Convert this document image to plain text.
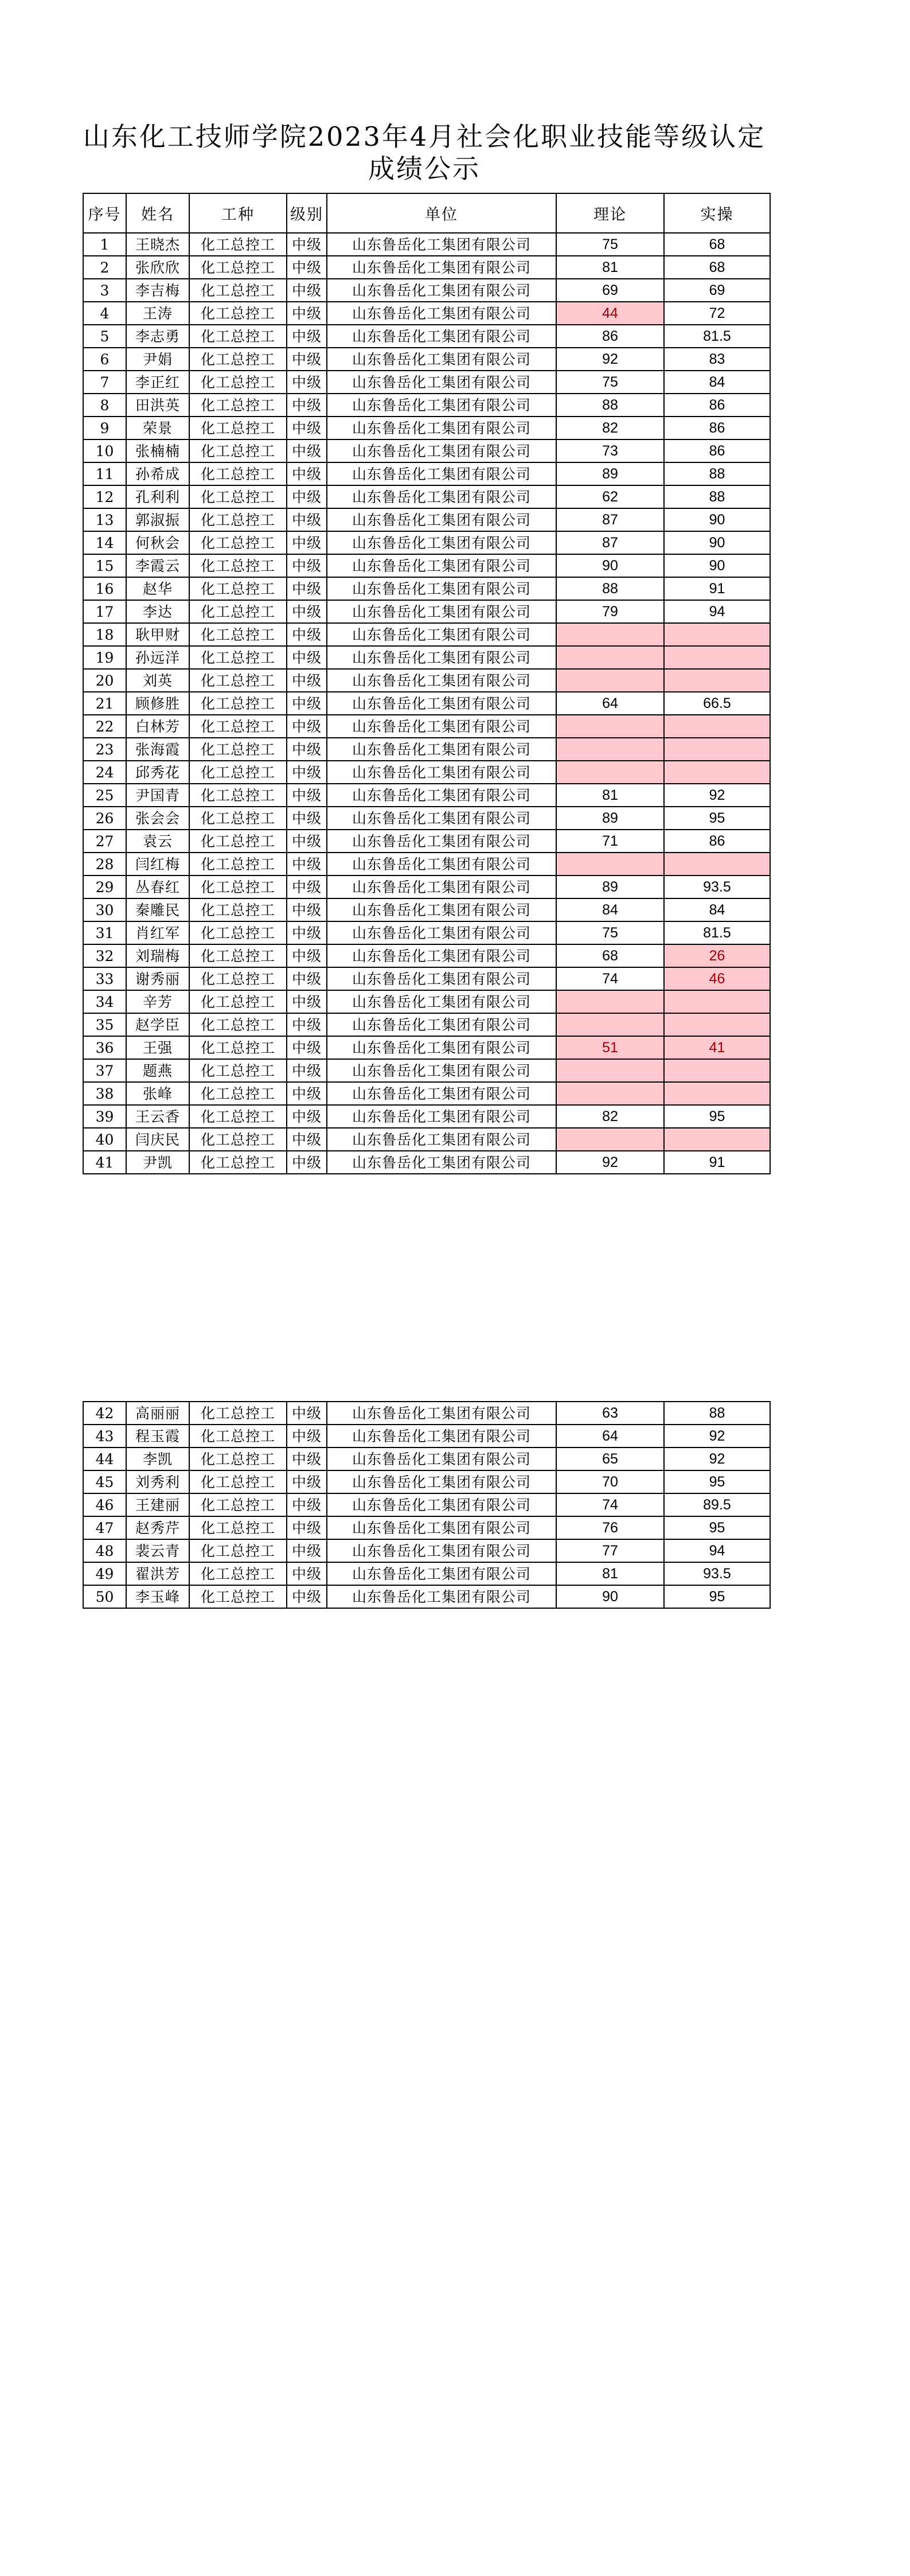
山东化工技师学院2023年4月社会化职业技能等级认定
成绩公示
序号	姓名	工种	级别	单位	理论	实操
1	王晓杰	化工总控工	中级	山东鲁岳化工集团有限公司	75	68
2	张欣欣	化工总控工	中级	山东鲁岳化工集团有限公司	81	68
3	李吉梅	化工总控工	中级	山东鲁岳化工集团有限公司	69	69
4	王涛	化工总控工	中级	山东鲁岳化工集团有限公司	44	72
5	李志勇	化工总控工	中级	山东鲁岳化工集团有限公司	86	81.5
6	尹娟	化工总控工	中级	山东鲁岳化工集团有限公司	92	83
7	李正红	化工总控工	中级	山东鲁岳化工集团有限公司	75	84
8	田洪英	化工总控工	中级	山东鲁岳化工集团有限公司	88	86
9	荣景	化工总控工	中级	山东鲁岳化工集团有限公司	82	86
10	张楠楠	化工总控工	中级	山东鲁岳化工集团有限公司	73	86
11	孙希成	化工总控工	中级	山东鲁岳化工集团有限公司	89	88
12	孔利利	化工总控工	中级	山东鲁岳化工集团有限公司	62	88
13	郭淑振	化工总控工	中级	山东鲁岳化工集团有限公司	87	90
14	何秋会	化工总控工	中级	山东鲁岳化工集团有限公司	87	90
15	李霞云	化工总控工	中级	山东鲁岳化工集团有限公司	90	90
16	赵华	化工总控工	中级	山东鲁岳化工集团有限公司	88	91
17	李达	化工总控工	中级	山东鲁岳化工集团有限公司	79	94
18	耿甲财	化工总控工	中级	山东鲁岳化工集团有限公司		
19	孙远洋	化工总控工	中级	山东鲁岳化工集团有限公司		
20	刘英	化工总控工	中级	山东鲁岳化工集团有限公司		
21	顾修胜	化工总控工	中级	山东鲁岳化工集团有限公司	64	66.5
22	白林芳	化工总控工	中级	山东鲁岳化工集团有限公司		
23	张海霞	化工总控工	中级	山东鲁岳化工集团有限公司		
24	邱秀花	化工总控工	中级	山东鲁岳化工集团有限公司		
25	尹国青	化工总控工	中级	山东鲁岳化工集团有限公司	81	92
26	张会会	化工总控工	中级	山东鲁岳化工集团有限公司	89	95
27	袁云	化工总控工	中级	山东鲁岳化工集团有限公司	71	86
28	闫红梅	化工总控工	中级	山东鲁岳化工集团有限公司		
29	丛春红	化工总控工	中级	山东鲁岳化工集团有限公司	89	93.5
30	秦雕民	化工总控工	中级	山东鲁岳化工集团有限公司	84	84
31	肖红军	化工总控工	中级	山东鲁岳化工集团有限公司	75	81.5
32	刘瑞梅	化工总控工	中级	山东鲁岳化工集团有限公司	68	26
33	谢秀丽	化工总控工	中级	山东鲁岳化工集团有限公司	74	46
34	辛芳	化工总控工	中级	山东鲁岳化工集团有限公司		
35	赵学臣	化工总控工	中级	山东鲁岳化工集团有限公司		
36	王强	化工总控工	中级	山东鲁岳化工集团有限公司	51	41
37	题燕	化工总控工	中级	山东鲁岳化工集团有限公司		
38	张峰	化工总控工	中级	山东鲁岳化工集团有限公司		
39	王云香	化工总控工	中级	山东鲁岳化工集团有限公司	82	95
40	闫庆民	化工总控工	中级	山东鲁岳化工集团有限公司		
41	尹凯	化工总控工	中级	山东鲁岳化工集团有限公司	92	91
42	高丽丽	化工总控工	中级	山东鲁岳化工集团有限公司	63	88
43	程玉霞	化工总控工	中级	山东鲁岳化工集团有限公司	64	92
44	李凯	化工总控工	中级	山东鲁岳化工集团有限公司	65	92
45	刘秀利	化工总控工	中级	山东鲁岳化工集团有限公司	70	95
46	王建丽	化工总控工	中级	山东鲁岳化工集团有限公司	74	89.5
47	赵秀芹	化工总控工	中级	山东鲁岳化工集团有限公司	76	95
48	裴云青	化工总控工	中级	山东鲁岳化工集团有限公司	77	94
49	翟洪芳	化工总控工	中级	山东鲁岳化工集团有限公司	81	93.5
50	李玉峰	化工总控工	中级	山东鲁岳化工集团有限公司	90	95
